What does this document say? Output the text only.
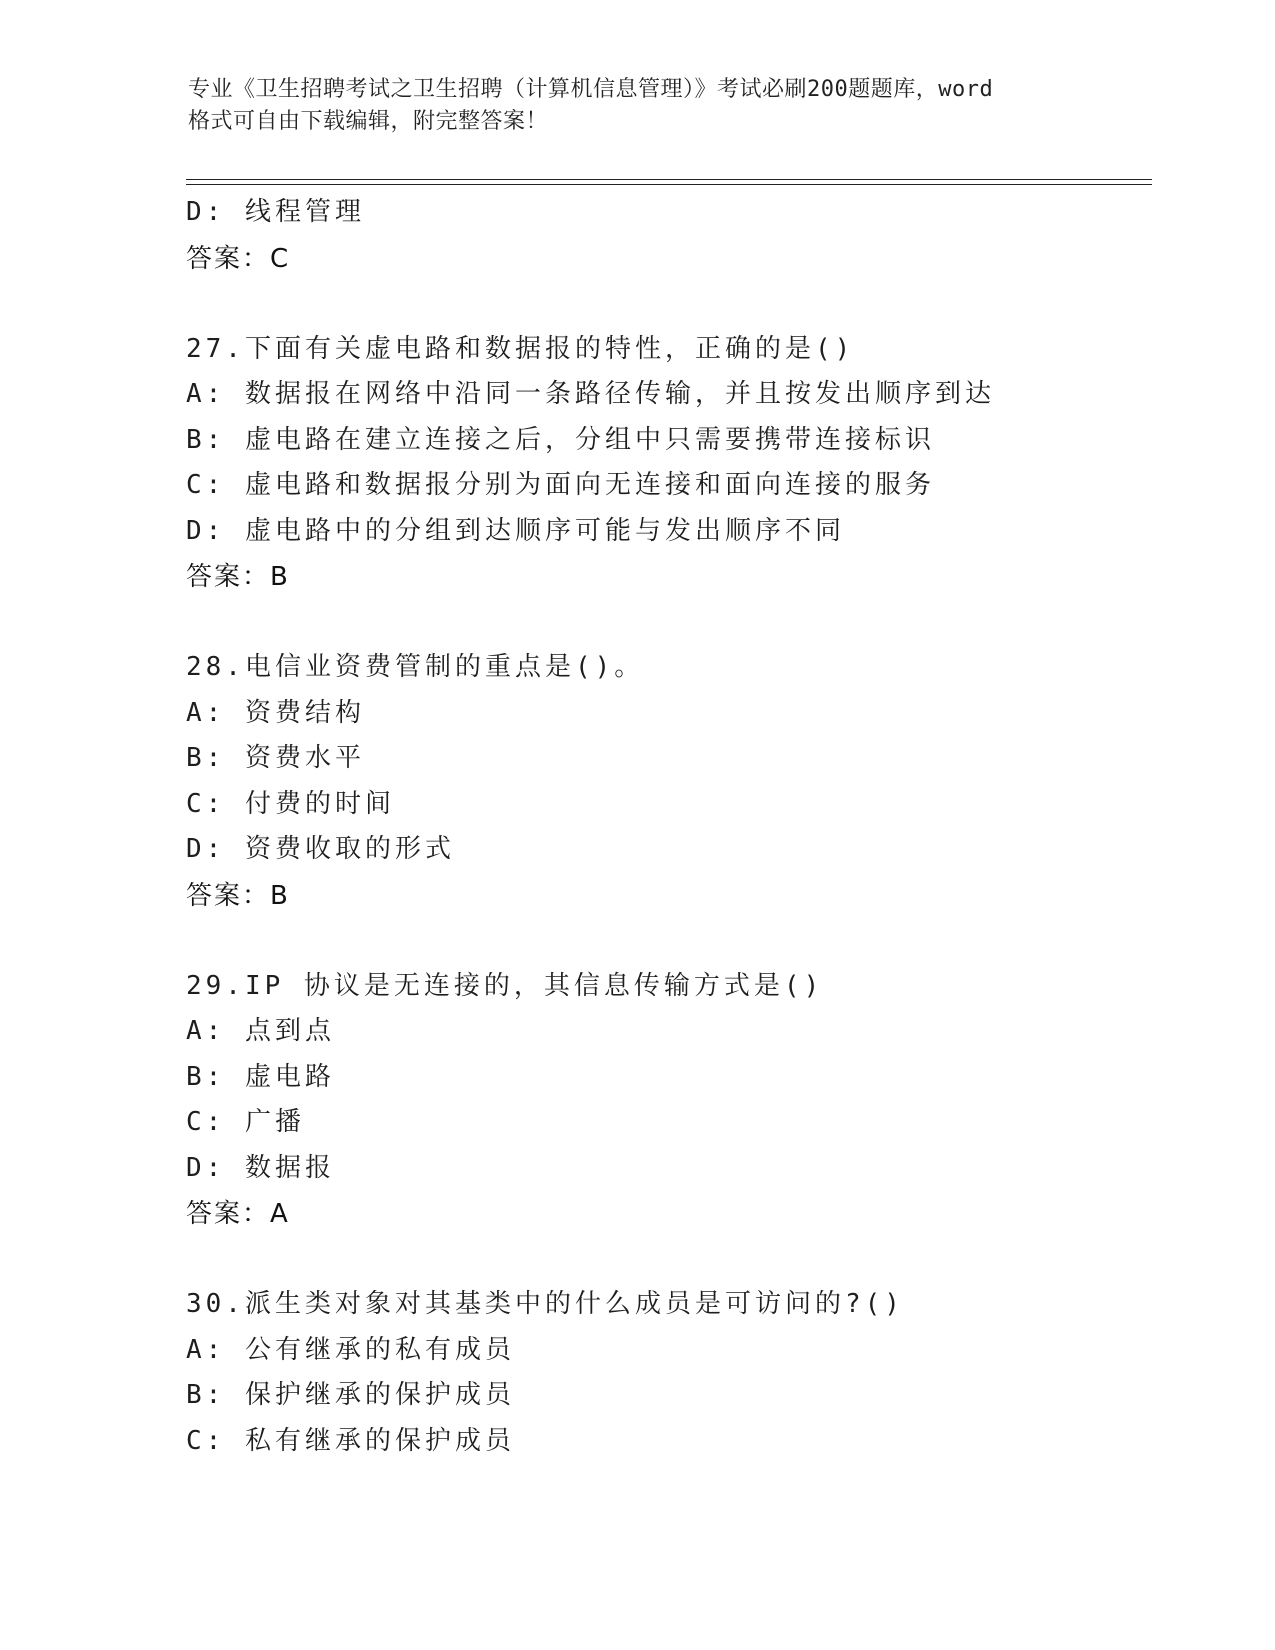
专业《卫生招聘考试之卫生招聘（计算机信息管理）》考试必刷200题题库，word
格式可自由下载编辑，附完整答案！
D: 线程管理
答案：C
27.下面有关虚电路和数据报的特性，正确的是()
A: 数据报在网络中沿同一条路径传输，并且按发出顺序到达
B: 虚电路在建立连接之后，分组中只需要携带连接标识
C: 虚电路和数据报分别为面向无连接和面向连接的服务
D: 虚电路中的分组到达顺序可能与发出顺序不同
答案：B
28.电信业资费管制的重点是()。
A: 资费结构
B: 资费水平
C: 付费的时间
D: 资费收取的形式
答案：B
29.IP 协议是无连接的，其信息传输方式是()
A: 点到点
B: 虚电路
C: 广播
D: 数据报
答案：A
30.派生类对象对其基类中的什么成员是可访问的?()
A: 公有继承的私有成员
B: 保护继承的保护成员
C: 私有继承的保护成员
